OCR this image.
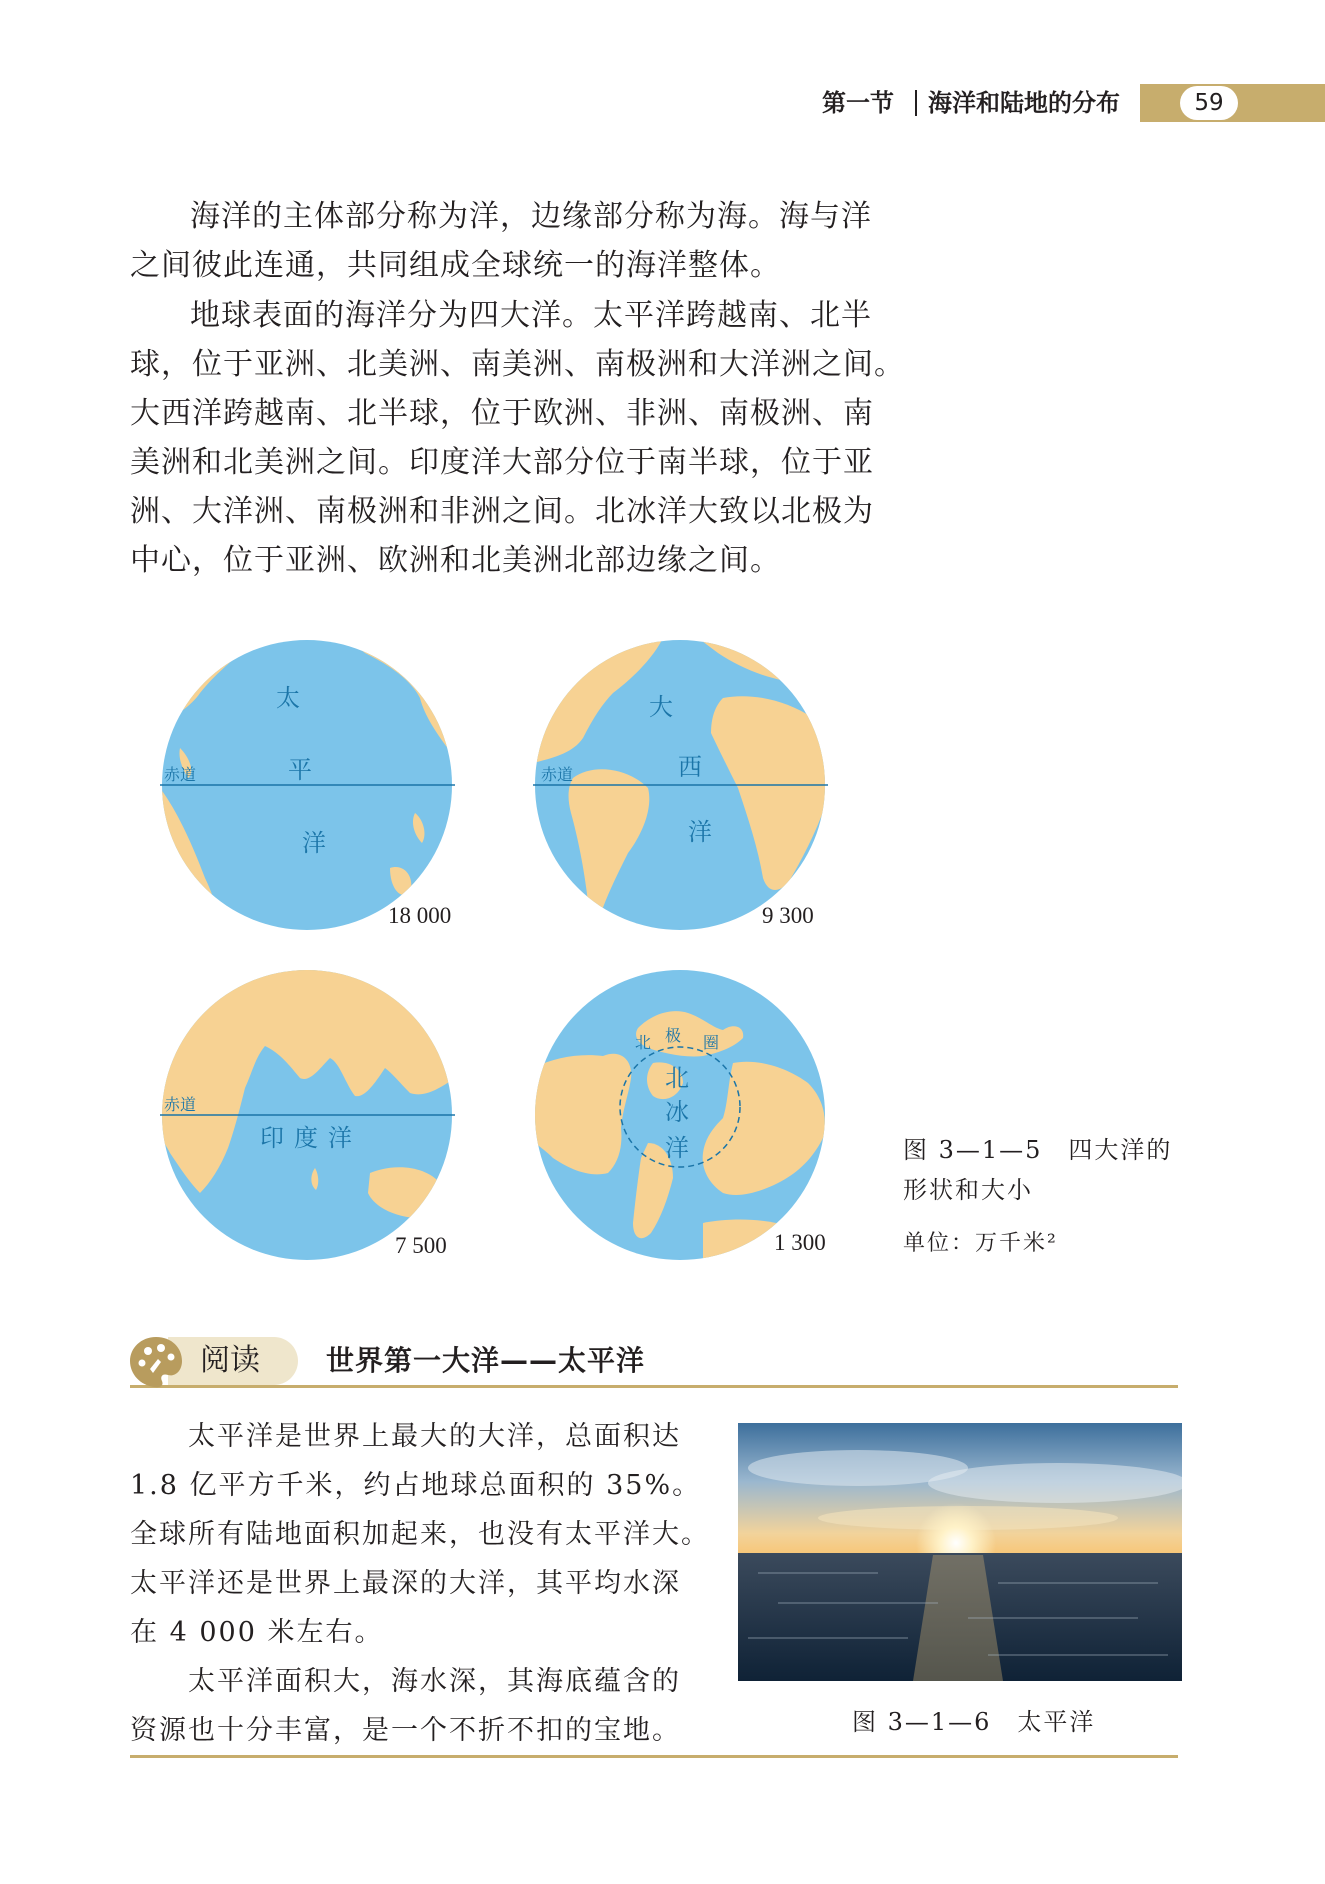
第一节 海洋和陆地的分布	59
海洋的主体部分称为洋，边缘部分称为海。海与洋
之间彼此连通，共同组成全球统一的海洋整体。
地球表面的海洋分为四大洋。太平洋跨越南、北半
球，位于亚洲、北美洲、南美洲、南极洲和大洋洲之间。
大西洋跨越南、北半球，位于欧洲、非洲、南极洲、南
美洲和北美洲之间。印度洋大部分位于南半球，位于亚
洲、大洋洲、南极洲和非洲之间。北冰洋大致以北极为
中心，位于亚洲、欧洲和北美洲北部边缘之间。
赤道
太
平
洋
18 000
赤道
大
西
洋
9 300
赤道
印度洋
7 500
北 极 圈
北
冰
洋
1 300
图 3—1—5　四大洋的
形状和大小
单位：万千米²
阅读 世界第一大洋——太平洋
太平洋是世界上最大的大洋，总面积达
1.8 亿平方千米，约占地球总面积的 35%。
全球所有陆地面积加起来，也没有太平洋大。
太平洋还是世界上最深的大洋，其平均水深
在 4 000 米左右。
太平洋面积大，海水深，其海底蕴含的
资源也十分丰富，是一个不折不扣的宝地。	图 3—1—6　太平洋
